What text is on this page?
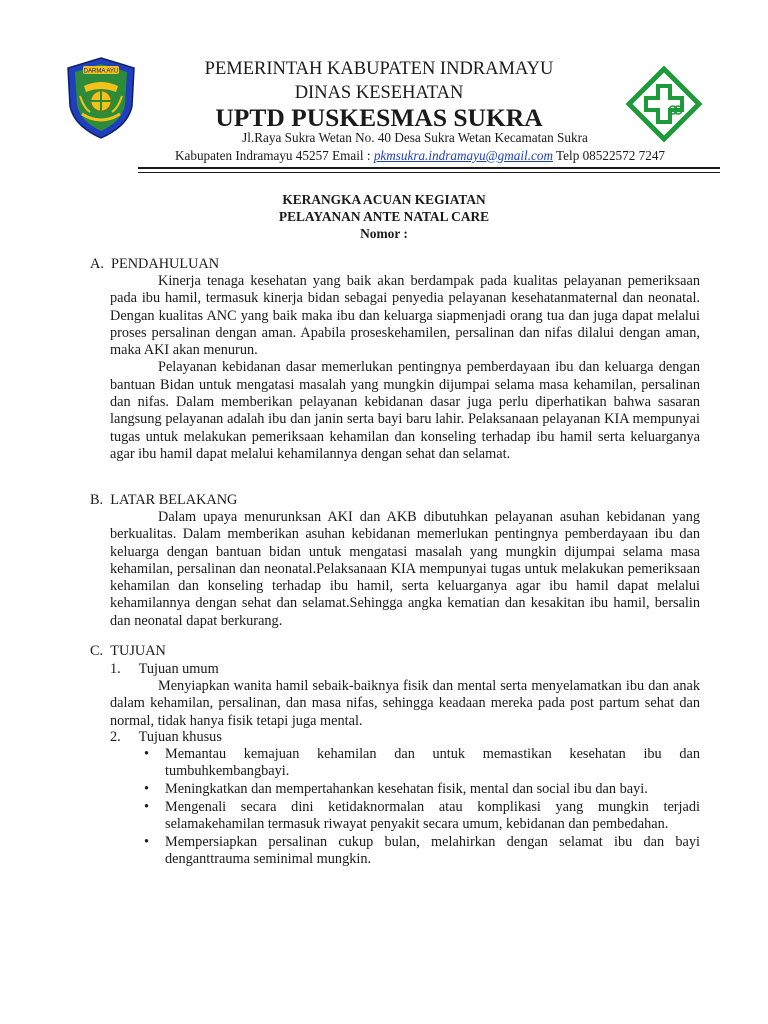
DARMA AYU	PEMERINTAH KABUPATEN INDRAMAYU
DINAS KESEHATAN
UPTD PUSKESMAS SUKRA
Jl.Raya Sukra Wetan No. 40 Desa Sukra Wetan Kecamatan Sukra
Kabupaten Indramayu 45257 Email : pkmsukra.indramayu@gmail.com Telp 08522572 7247
KERANGKA ACUAN KEGIATAN
PELAYANAN ANTE NATAL CARE
Nomor :
A.  PENDAHULUAN

Kinerja tenaga kesehatan yang baik akan berdampak pada kualitas pelayanan pemeriksaan pada ibu hamil, termasuk kinerja bidan sebagai penyedia pelayanan kesehatanmaternal dan neonatal. Dengan kualitas ANC yang baik maka ibu dan keluarga siapmenjadi orang tua dan juga dapat melalui proses persalinan dengan aman. Apabila proseskehamilen, persalinan dan nifas dilalui dengan aman, maka AKI akan menurun.

Pelayanan kebidanan dasar memerlukan pentingnya pemberdayaan ibu dan keluarga dengan bantuan Bidan untuk mengatasi masalah yang mungkin dijumpai selama masa kehamilan, persalinan dan nifas. Dalam memberikan pelayanan kebidanan dasar juga perlu diperhatikan bahwa sasaran langsung pelayanan adalah ibu dan janin serta bayi baru lahir. Pelaksanaan pelayanan KIA mempunyai tugas untuk melakukan pemeriksaan kehamilan dan konseling terhadap ibu hamil serta keluarganya agar ibu hamil dapat melalui kehamilannya dengan sehat dan selamat.

B.  LATAR BELAKANG

Dalam upaya menurunksan AKI dan AKB dibutuhkan pelayanan asuhan kebidanan yang berkualitas. Dalam memberikan asuhan kebidanan memerlukan pentingnya pemberdayaan ibu dan keluarga dengan bantuan bidan untuk mengatasi masalah yang mungkin dijumpai selama masa kehamilan, persalinan dan neonatal.Pelaksanaan KIA mempunyai tugas untuk melakukan pemeriksaan kehamilan dan konseling terhadap ibu hamil, serta keluarganya agar ibu hamil dapat melalui kehamilannya dengan sehat dan selamat.Sehingga angka kematian dan kesakitan ibu hamil, bersalin dan neonatal dapat berkurang.

C.  TUJUAN
1.     Tujuan umum

Menyiapkan wanita hamil sebaik-baiknya fisik dan mental serta menyelamatkan ibu dan anak dalam kehamilan, persalinan, dan masa nifas, sehingga keadaan mereka pada post partum sehat dan normal, tidak hanya fisik tetapi juga mental.

2.     Tujuan khusus
• Memantau kemajuan kehamilan dan untuk memastikan kesehatan ibu dan tumbuhkembangbayi.
• Meningkatkan dan mempertahankan kesehatan fisik, mental dan social ibu dan bayi.
• Mengenali secara dini ketidaknormalan atau komplikasi yang mungkin terjadi selamakehamilan termasuk riwayat penyakit secara umum, kebidanan dan pembedahan.
• Mempersiapkan persalinan cukup bulan, melahirkan dengan selamat ibu dan bayi denganttrauma seminimal mungkin.
